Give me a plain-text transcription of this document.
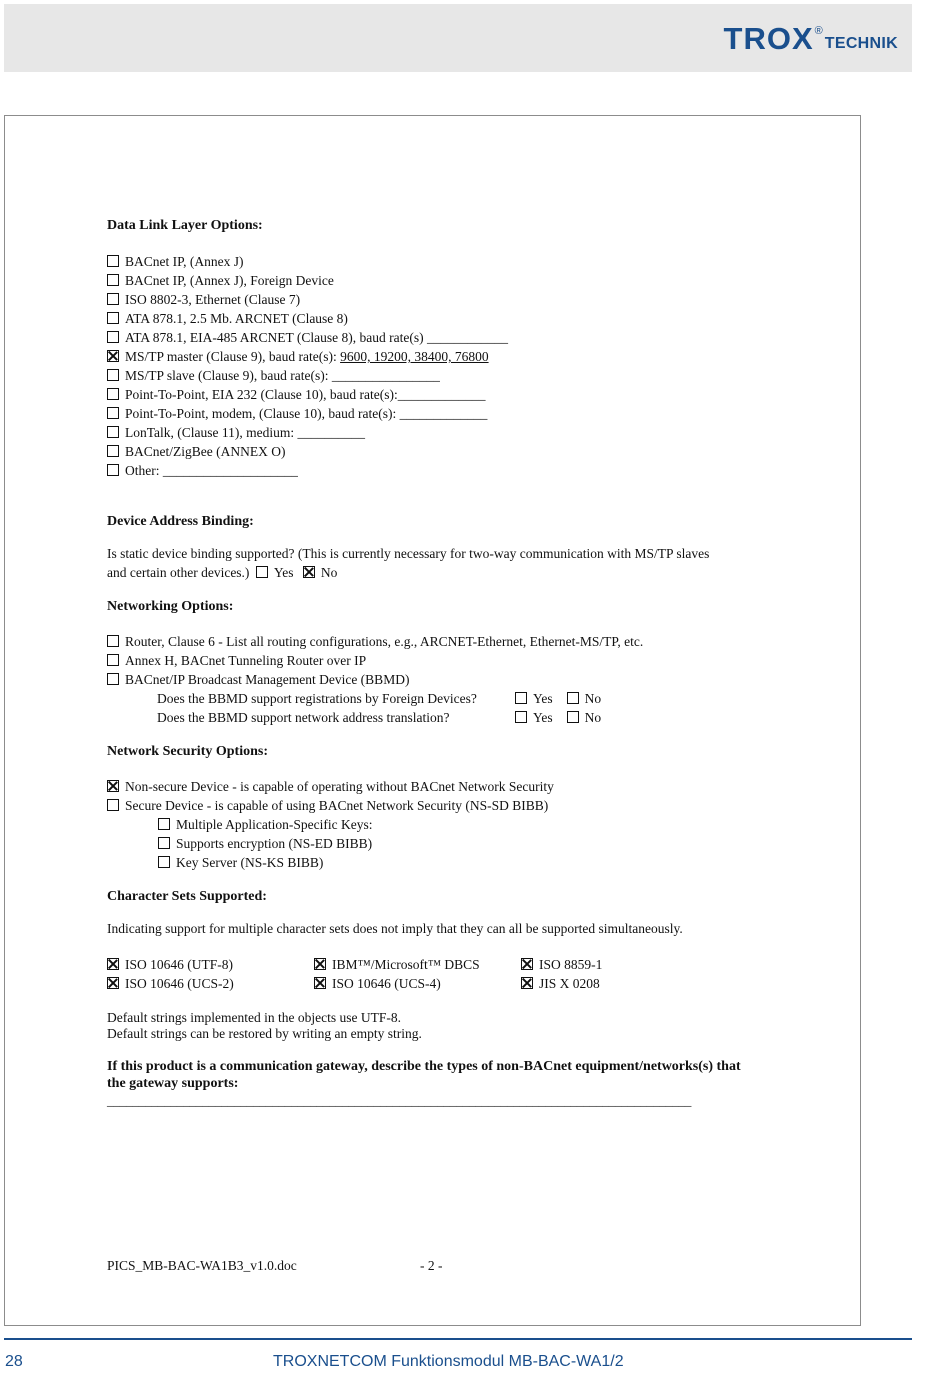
TROX ®
TECHNIK
Data Link Layer Options:
BACnet IP, (Annex J)
BACnet IP, (Annex J), Foreign Device
ISO 8802-3, Ethernet (Clause 7)
ATA 878.1, 2.5 Mb. ARCNET (Clause 8)
ATA 878.1, EIA-485 ARCNET (Clause 8), baud rate(s) ____________
MS/TP master (Clause 9), baud rate(s): 9600, 19200, 38400, 76800
MS/TP slave (Clause 9), baud rate(s): ________________
Point-To-Point, EIA 232 (Clause 10), baud rate(s):_____________
Point-To-Point, modem, (Clause 10), baud rate(s): _____________
LonTalk, (Clause 11), medium: __________
BACnet/ZigBee (ANNEX O)
Other: ____________________
Device Address Binding:
Is static device binding supported? (This is currently necessary for two-way communication with MS/TP slaves
and certain other devices.) Yes No
Networking Options:
Router, Clause 6 - List all routing configurations, e.g., ARCNET-Ethernet, Ethernet-MS/TP, etc.
Annex H, BACnet Tunneling Router over IP
BACnet/IP Broadcast Management Device (BBMD)
Does the BBMD support registrations by Foreign Devices?	Yes No
Does the BBMD support network address translation?	Yes No
Network Security Options:
Non-secure Device - is capable of operating without BACnet Network Security
Secure Device - is capable of using BACnet Network Security (NS-SD BIBB)
Multiple Application-Specific Keys:
Supports encryption (NS-ED BIBB)
Key Server (NS-KS BIBB)
Character Sets Supported:
Indicating support for multiple character sets does not imply that they can all be supported simultaneously.
ISO 10646 (UTF-8)	IBM™/Microsoft™ DBCS	ISO 8859-1
ISO 10646 (UCS-2)	ISO 10646 (UCS-4)	JIS X 0208
Default strings implemented in the objects use UTF-8.
Default strings can be restored by writing an empty string.
If this product is a communication gateway, describe the types of non-BACnet equipment/networks(s) that
the gateway supports:
____________________________________________________________________________________________
PICS_MB-BAC-WA1B3_v1.0.doc	- 2 -
28	TROXNETCOM Funktionsmodul MB-BAC-WA1/2
